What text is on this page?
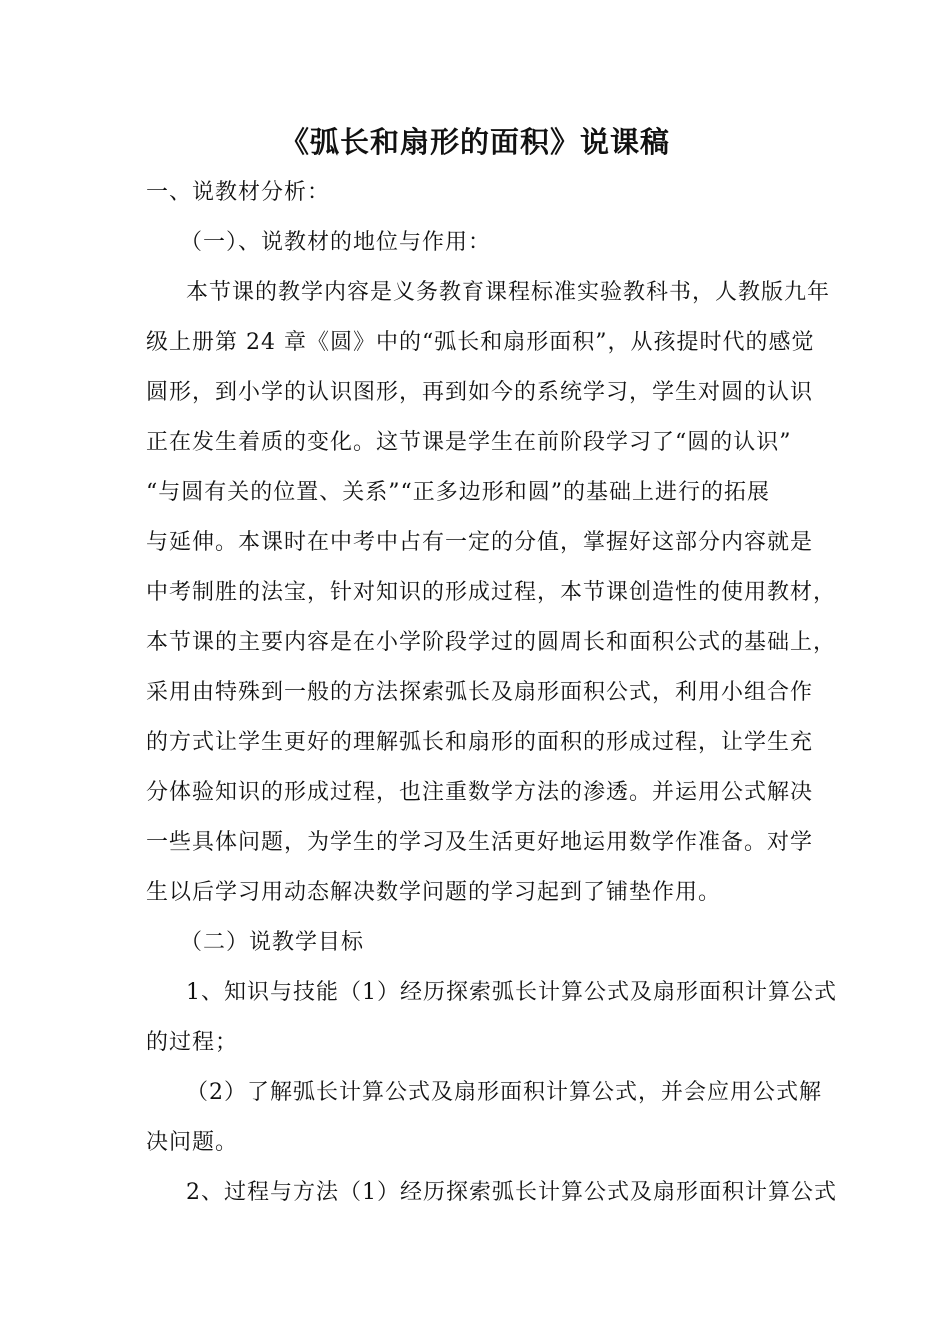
《弧长和扇形的面积》说课稿
一、说教材分析：
（一）、说教材的地位与作用：
本节课的教学内容是义务教育课程标准实验教科书，人教版九年
级上册第 24 章《圆》中的“弧长和扇形面积”，从孩提时代的感觉
圆形，到小学的认识图形，再到如今的系统学习，学生对圆的认识
正在发生着质的变化。这节课是学生在前阶段学习了“圆的认识”
“与圆有关的位置、关系”“正多边形和圆”的基础上进行的拓展
与延伸。本课时在中考中占有一定的分值，掌握好这部分内容就是
中考制胜的法宝，针对知识的形成过程，本节课创造性的使用教材，
本节课的主要内容是在小学阶段学过的圆周长和面积公式的基础上，
采用由特殊到一般的方法探索弧长及扇形面积公式，利用小组合作
的方式让学生更好的理解弧长和扇形的面积的形成过程，让学生充
分体验知识的形成过程，也注重数学方法的渗透。并运用公式解决
一些具体问题，为学生的学习及生活更好地运用数学作准备。对学
生以后学习用动态解决数学问题的学习起到了铺垫作用。
（二）说教学目标
1、知识与技能（1）经历探索弧长计算公式及扇形面积计算公式
的过程；
（2）了解弧长计算公式及扇形面积计算公式，并会应用公式解
决问题。
2、过程与方法（1）经历探索弧长计算公式及扇形面积计算公式
